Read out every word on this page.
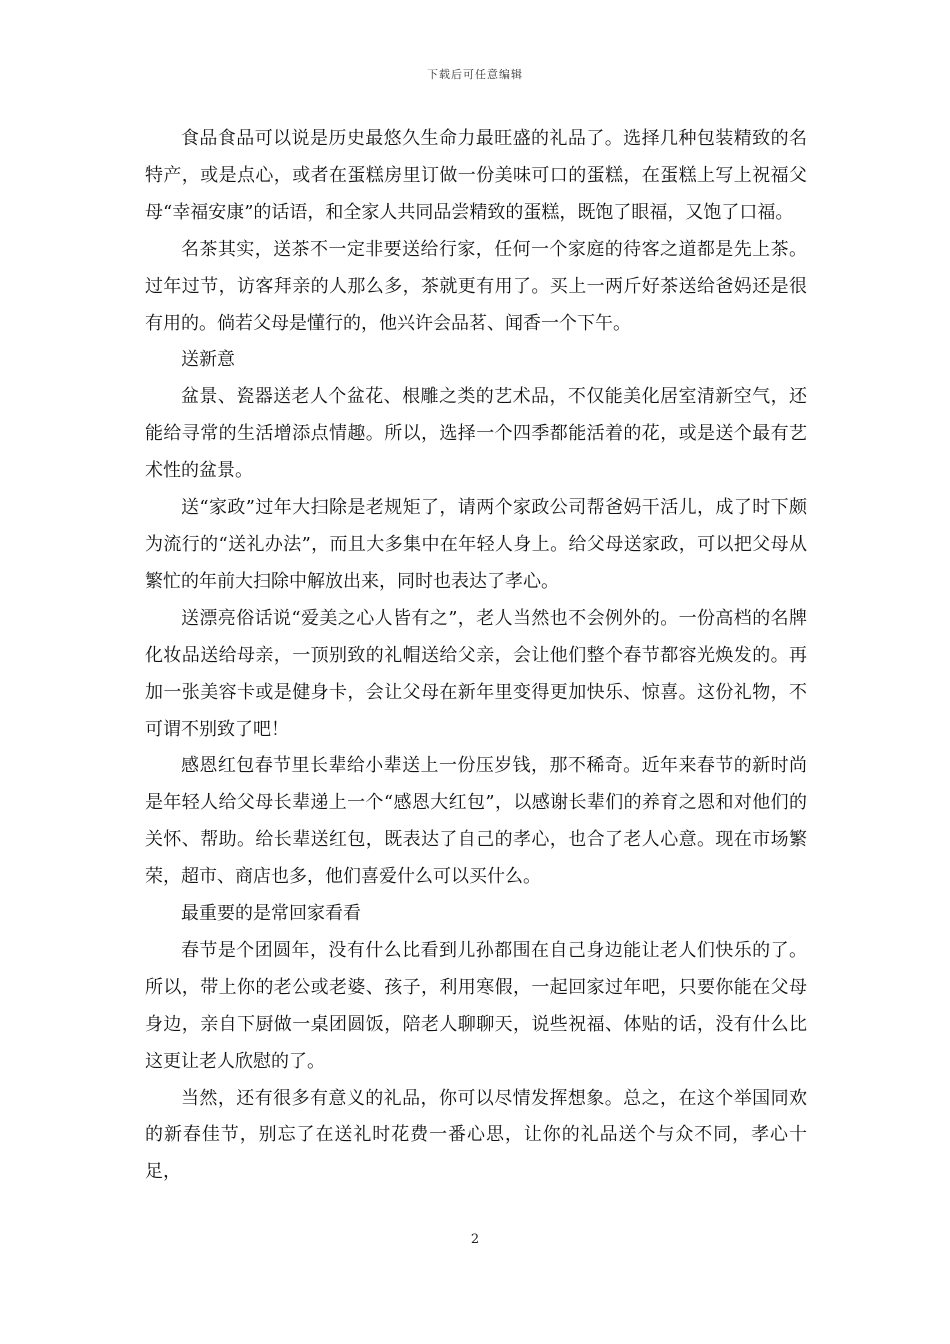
下载后可任意编辑

食品食品可以说是历史最悠久生命力最旺盛的礼品了。选择几种包装精致的名特产，或是点心，或者在蛋糕房里订做一份美味可口的蛋糕，在蛋糕上写上祝福父母“幸福安康”的话语，和全家人共同品尝精致的蛋糕，既饱了眼福，又饱了口福。

名茶其实，送茶不一定非要送给行家，任何一个家庭的待客之道都是先上茶。过年过节，访客拜亲的人那么多，茶就更有用了。买上一两斤好茶送给爸妈还是很有用的。倘若父母是懂行的，他兴许会品茗、闻香一个下午。

送新意

盆景、瓷器送老人个盆花、根雕之类的艺术品，不仅能美化居室清新空气，还能给寻常的生活增添点情趣。所以，选择一个四季都能活着的花，或是送个最有艺术性的盆景。

送“家政”过年大扫除是老规矩了，请两个家政公司帮爸妈干活儿，成了时下颇为流行的“送礼办法”，而且大多集中在年轻人身上。给父母送家政，可以把父母从繁忙的年前大扫除中解放出来，同时也表达了孝心。

送漂亮俗话说“爱美之心人皆有之”，老人当然也不会例外的。一份高档的名牌化妆品送给母亲，一顶别致的礼帽送给父亲，会让他们整个春节都容光焕发的。再加一张美容卡或是健身卡，会让父母在新年里变得更加快乐、惊喜。这份礼物，不可谓不别致了吧！

感恩红包春节里长辈给小辈送上一份压岁钱，那不稀奇。近年来春节的新时尚是年轻人给父母长辈递上一个“感恩大红包”，以感谢长辈们的养育之恩和对他们的关怀、帮助。给长辈送红包，既表达了自己的孝心，也合了老人心意。现在市场繁荣，超市、商店也多，他们喜爱什么可以买什么。

最重要的是常回家看看

春节是个团圆年，没有什么比看到儿孙都围在自己身边能让老人们快乐的了。所以，带上你的老公或老婆、孩子，利用寒假，一起回家过年吧，只要你能在父母身边，亲自下厨做一桌团圆饭，陪老人聊聊天，说些祝福、体贴的话，没有什么比这更让老人欣慰的了。

当然，还有很多有意义的礼品，你可以尽情发挥想象。总之，在这个举国同欢的新春佳节，别忘了在送礼时花费一番心思，让你的礼品送个与众不同，孝心十足，

2
